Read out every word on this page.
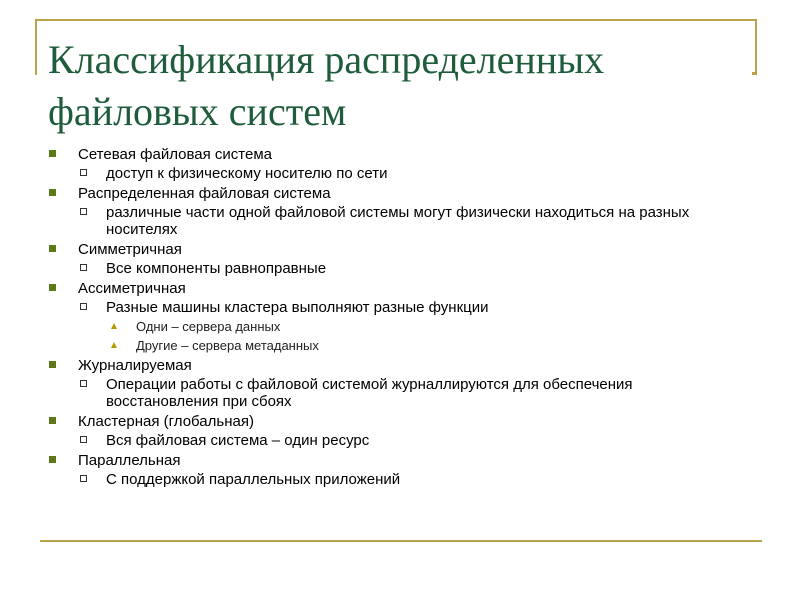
Сетевая файловая система
доступ к физическому носителю по сети
Распределенная файловая система
различные части одной файловой системы могут физически находиться на разных носителях
Симметричная
Все компоненты равноправные
Ассиметричная
Разные машины кластера выполняют разные функции
Одни – сервера данных
Другие – сервера метаданных
Журналируемая
Операции работы с файловой системой журналлируются для обеспечения восстановления при сбоях
Кластерная (глобальная)
Вся файловая система – один ресурс
Параллельная
С поддержкой параллельных приложений
Классификация распределенных файловых систем
